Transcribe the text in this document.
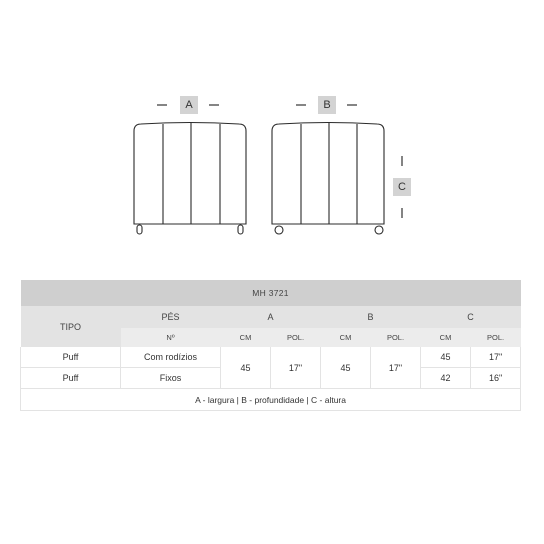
A	B
C
MH 3721							
TIPO	PÉS	A		B		C	
	Nº	CM	POL.	CM	POL.	CM	POL.
Puff	Com rodízios	45	17"	45	17"	45	17"
Puff	Fixos					42	16"
A - largura | B - profundidade | C - altura							
